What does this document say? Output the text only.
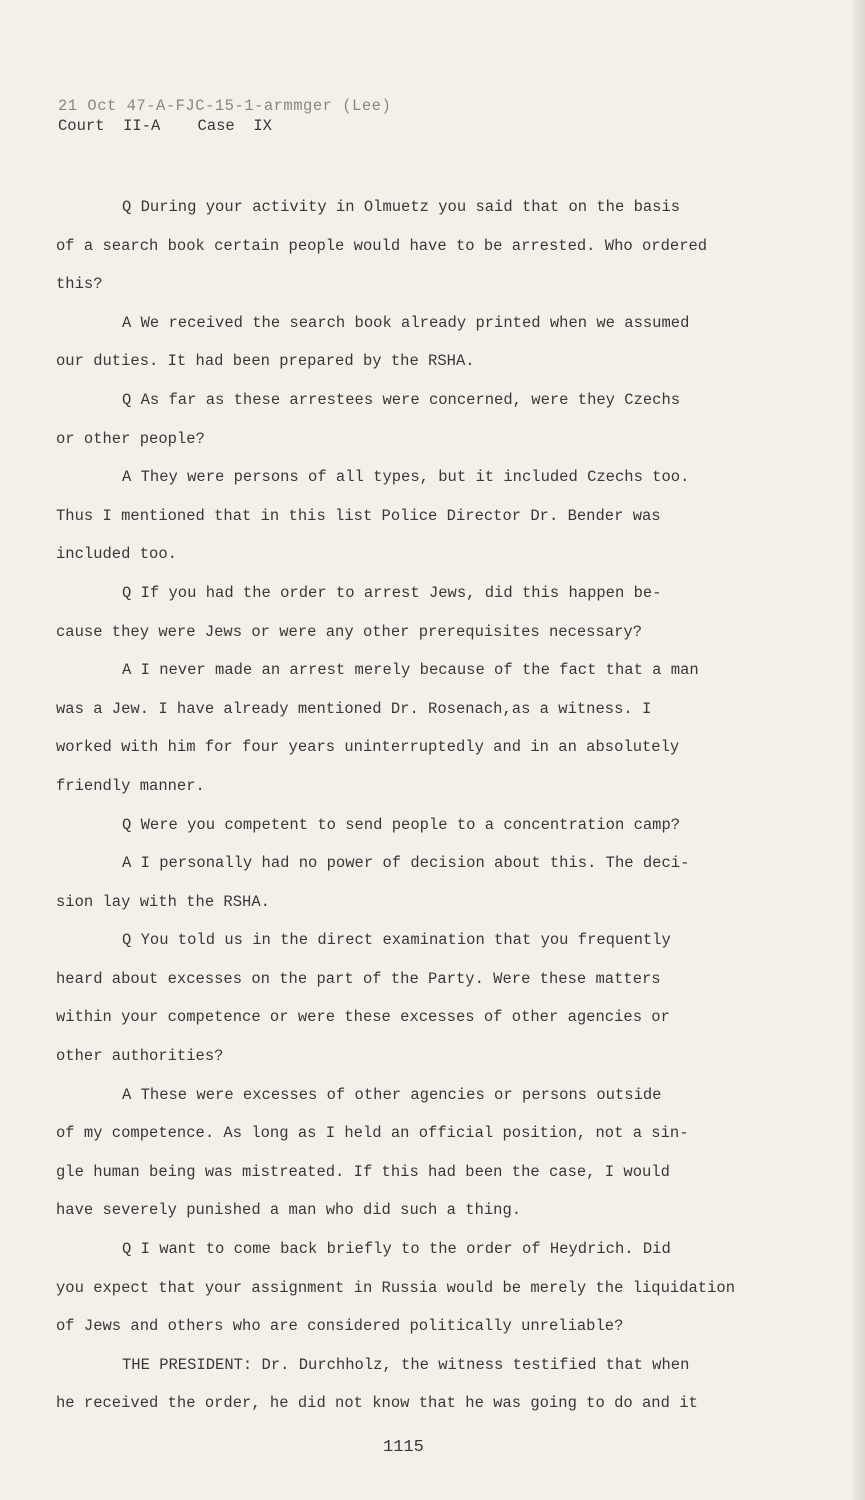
21 Oct 47-A-FJC-15-1-armmger (Lee)
Court  II-A    Case  IX

Q During your activity in Olmuetz you said that on the basis
of a search book certain people would have to be arrested. Who ordered
this?

A We received the search book already printed when we assumed
our duties. It had been prepared by the RSHA.

Q As far as these arrestees were concerned, were they Czechs
or other people?

A They were persons of all types, but it included Czechs too.
Thus I mentioned that in this list Police Director Dr. Bender was
included too.

Q If you had the order to arrest Jews, did this happen be-
cause they were Jews or were any other prerequisites necessary?

A I never made an arrest merely because of the fact that a man
was a Jew. I have already mentioned Dr. Rosenach,as a witness. I
worked with him for four years uninterruptedly and in an absolutely
friendly manner.

Q Were you competent to send people to a concentration camp?

A I personally had no power of decision about this. The deci-
sion lay with the RSHA.

Q You told us in the direct examination that you frequently
heard about excesses on the part of the Party. Were these matters
within your competence or were these excesses of other agencies or
other authorities?

A These were excesses of other agencies or persons outside
of my competence. As long as I held an official position, not a sin-
gle human being was mistreated. If this had been the case, I would
have severely punished a man who did such a thing.

Q I want to come back briefly to the order of Heydrich. Did
you expect that your assignment in Russia would be merely the liquidation
of Jews and others who are considered politically unreliable?

THE PRESIDENT: Dr. Durchholz, the witness testified that when
he received the order, he did not know that he was going to do and it

1115
